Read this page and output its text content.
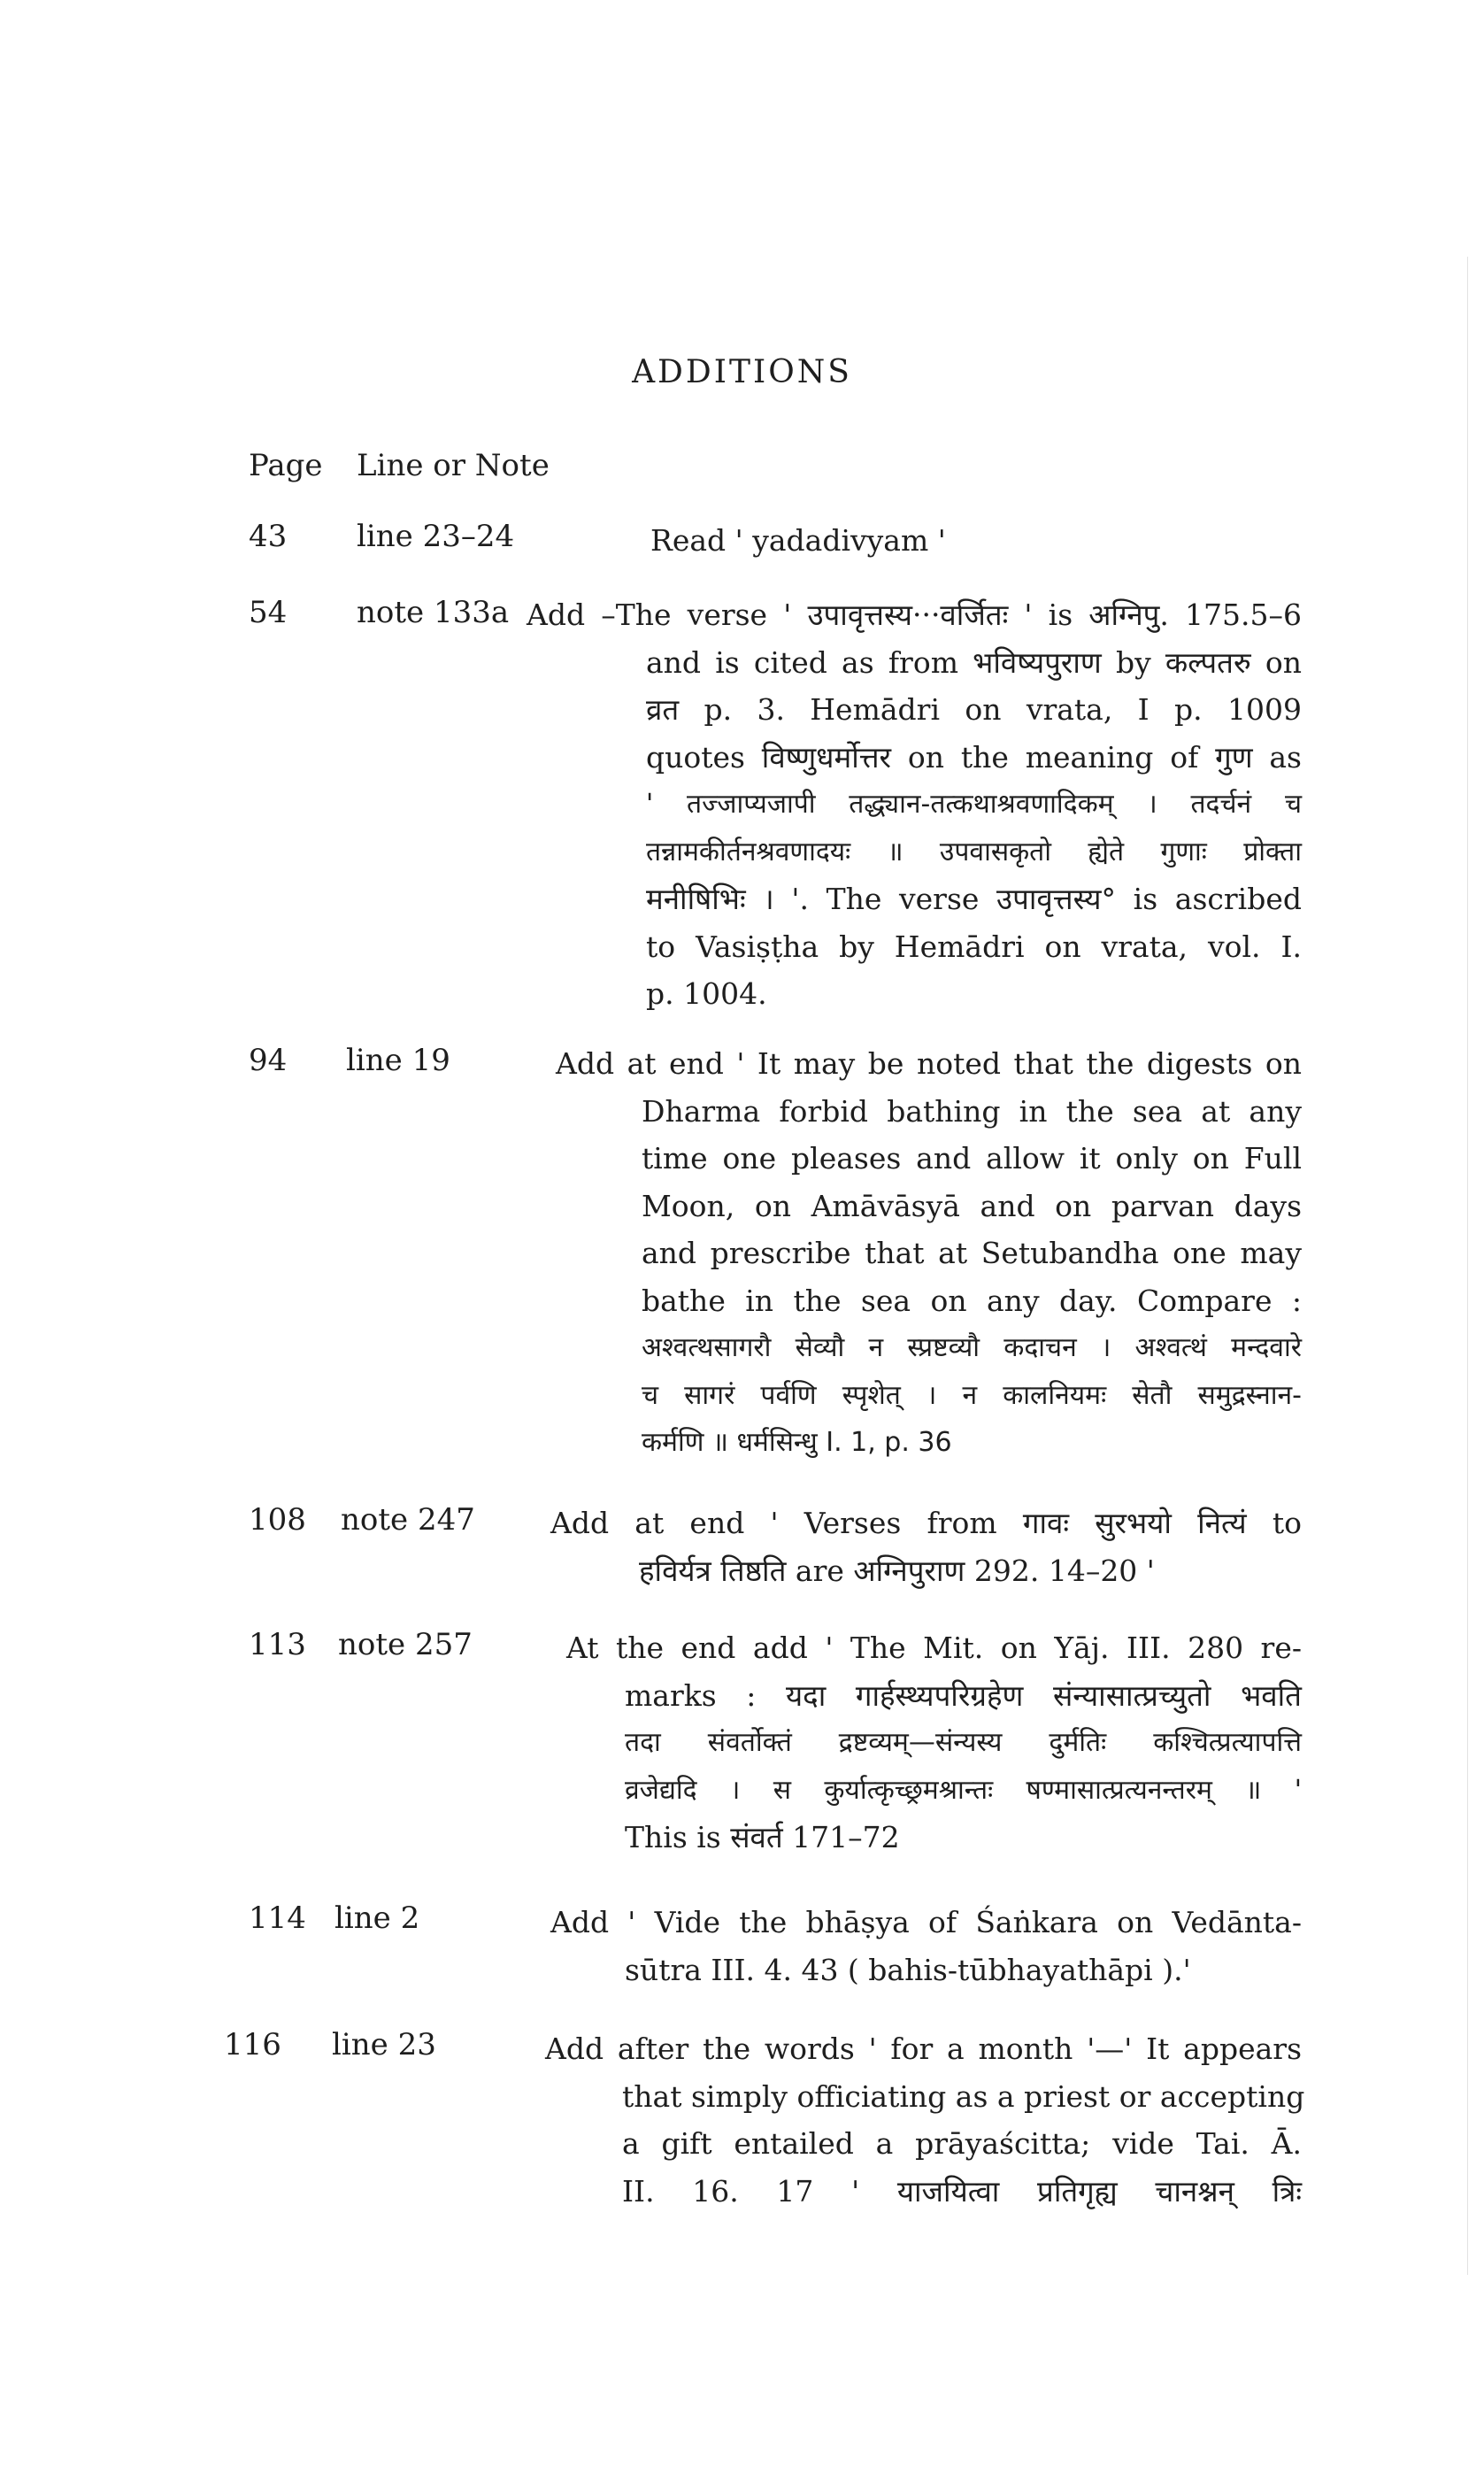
ADDITIONS
Page Line or Note
43 line 23–24	Read ' yadadivyam '
54 note 133a Add –The verse ' उपावृत्तस्य···वर्जितः ' is अग्निपु. 175.5–6
and is cited as from भविष्यपुराण by कल्पतरु on
व्रत p. 3. Hemādri on vrata, I p. 1009
quotes विष्णुधर्मोत्तर on the meaning of गुण as
' तज्जाप्यजापी तद्ध्यान-तत्कथाश्रवणादिकम् । तदर्चनं च
तन्नामकीर्तनश्रवणादयः ॥ उपवासकृतो ह्येते गुणाः प्रोक्ता
मनीषिभिः । '. The verse उपावृत्तस्य° is ascribed
to Vasiṣṭha by Hemādri on vrata, vol. I.
p. 1004.
94 line 19	Add at end ' It may be noted that the digests on
Dharma forbid bathing in the sea at any
time one pleases and allow it only on Full
Moon, on Amāvāsyā and on parvan days
and prescribe that at Setubandha one may
bathe in the sea on any day. Compare :
अश्वत्थसागरौ सेव्यौ न स्प्रष्टव्यौ कदाचन । अश्वत्थं मन्दवारे
च सागरं पर्वणि स्पृशेत् । न कालनियमः सेतौ समुद्रस्नान-
कर्मणि ॥ धर्मसिन्धु I. 1, p. 36
108 note 247	Add at end ' Verses from गावः सुरभयो नित्यं to
हविर्यत्र तिष्ठति are अग्निपुराण 292. 14–20 '
113 note 257	At the end add ' The Mit. on Yāj. III. 280 re-
marks : यदा गार्हस्थ्यपरिग्रहेण संन्यासात्प्रच्युतो भवति
तदा संवर्तोक्तं द्रष्टव्यम्—संन्यस्य दुर्मतिः कश्चित्प्रत्यापत्ति
व्रजेद्यदि । स कुर्यात्कृच्छ्रमश्रान्तः षण्मासात्प्रत्यनन्तरम् ॥ '
This is संवर्त 171–72
114 line 2	Add ' Vide the bhāṣya of Śaṅkara on Vedānta-
sūtra III. 4. 43 ( bahis-tūbhayathāpi ).'
116 line 23	Add after the words ' for a month '—' It appears
that simply officiating as a priest or accepting
a gift entailed a prāyaścitta; vide Tai. Ā.
II. 16. 17 ' याजयित्वा प्रतिगृह्य चानश्नन् त्रिः
